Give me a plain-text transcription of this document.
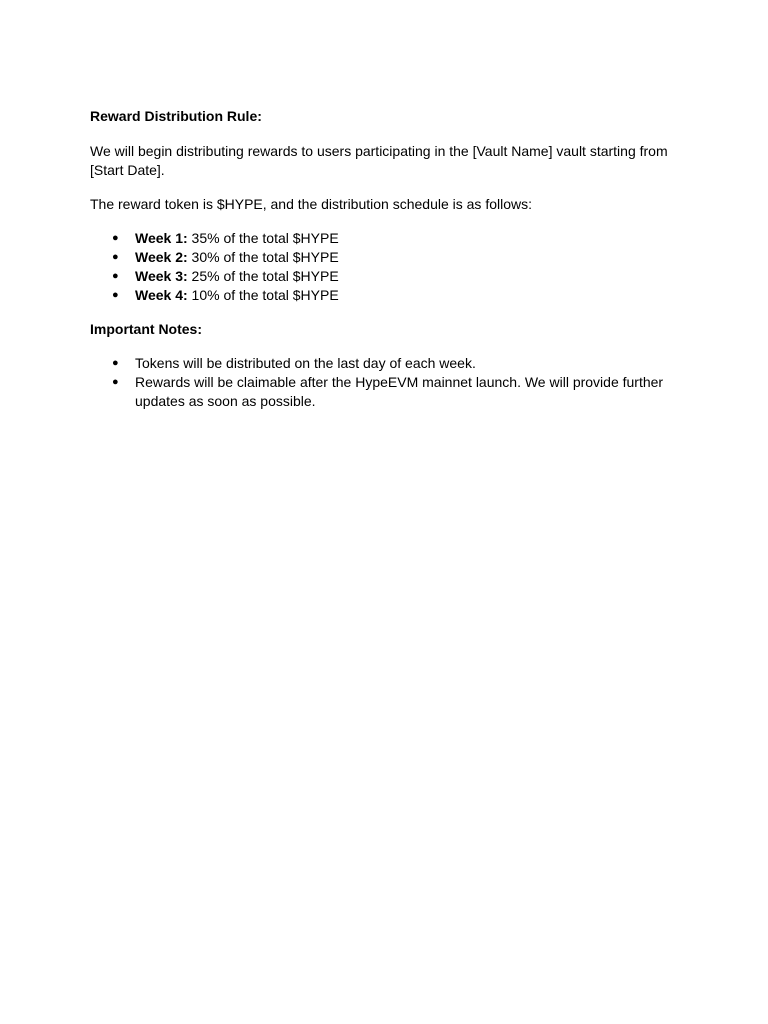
Reward Distribution Rule:

We will begin distributing rewards to users participating in the [Vault Name] vault starting from [Start Date].

The reward token is $HYPE, and the distribution schedule is as follows:

● Week 1: 35% of the total $HYPE
● Week 2: 30% of the total $HYPE
● Week 3: 25% of the total $HYPE
● Week 4: 10% of the total $HYPE

Important Notes:

● Tokens will be distributed on the last day of each week.
● Rewards will be claimable after the HypeEVM mainnet launch. We will provide further updates as soon as possible.
